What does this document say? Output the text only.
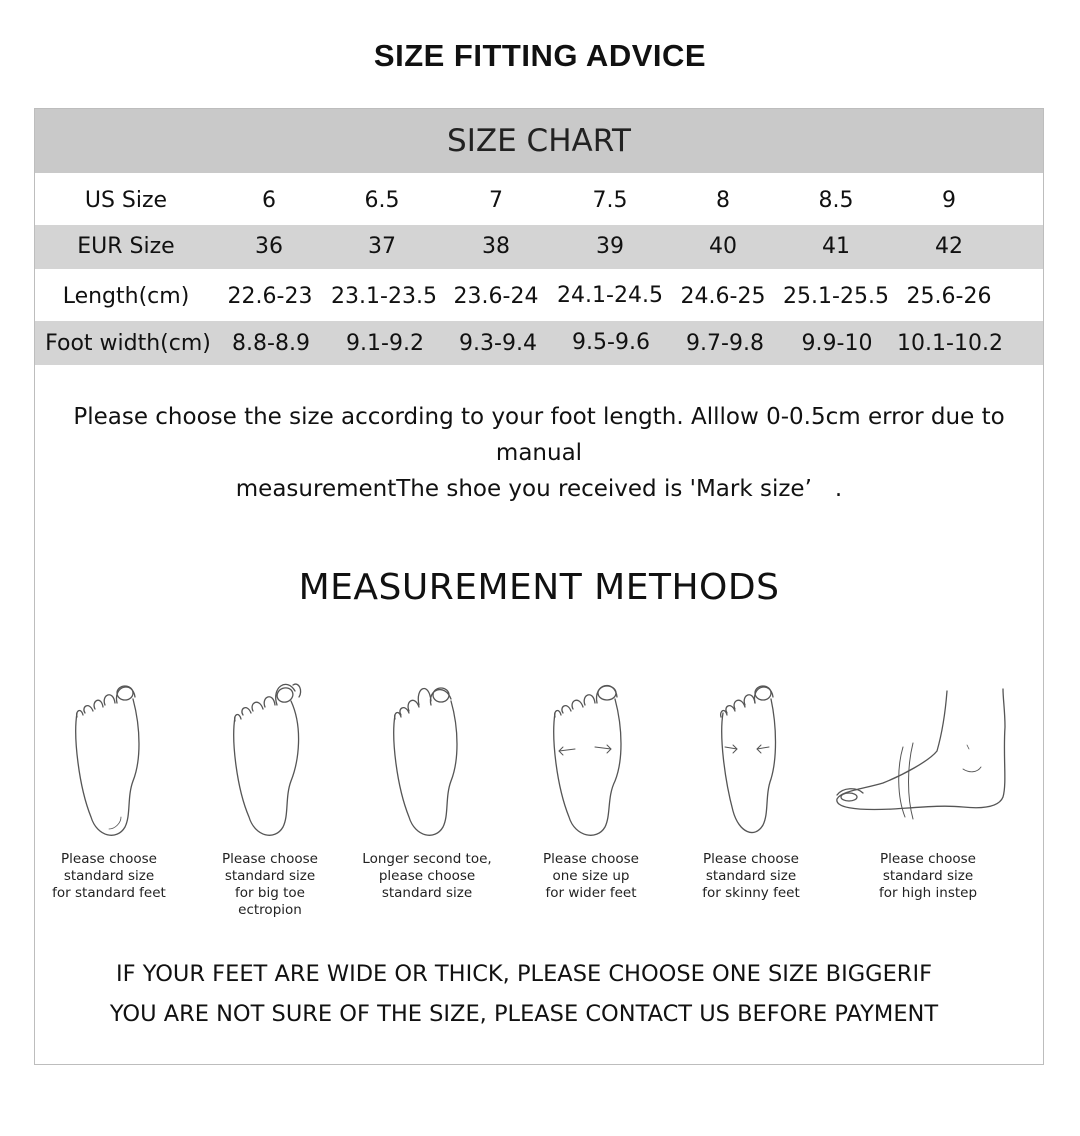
SIZE FITTING ADVICE
SIZE CHART
US Size	6	6.5	7	7.5	8	8.5	9
EUR Size	36	37	38	39	40	41	42
Length(cm)	22.6-23 23.1-23.5 23.6-24 24.1-24.5 24.6-25 25.1-25.5 25.6-26
Foot width(cm) 8.8-8.9	9.1-9.2	9.3-9.4	9.5-9.6	9.7-9.8	9.9-10	10.1-10.2
Please choose the size according to your foot length. Alllow 0-0.5cm error due to manual
measurementThe shoe you received is 'Mark size’　.
MEASUREMENT METHODS
Please choose
standard size
for standard feet
Please choose
standard size
for big toe
ectropion
Longer second toe,
please choose
standard size
Please choose
one size up
for wider feet
Please choose
standard size
for skinny feet
Please choose
standard size
for high instep
IF YOUR FEET ARE WIDE OR THICK, PLEASE CHOOSE ONE SIZE BIGGERIF
YOU ARE NOT SURE OF THE SIZE, PLEASE CONTACT US BEFORE PAYMENT
